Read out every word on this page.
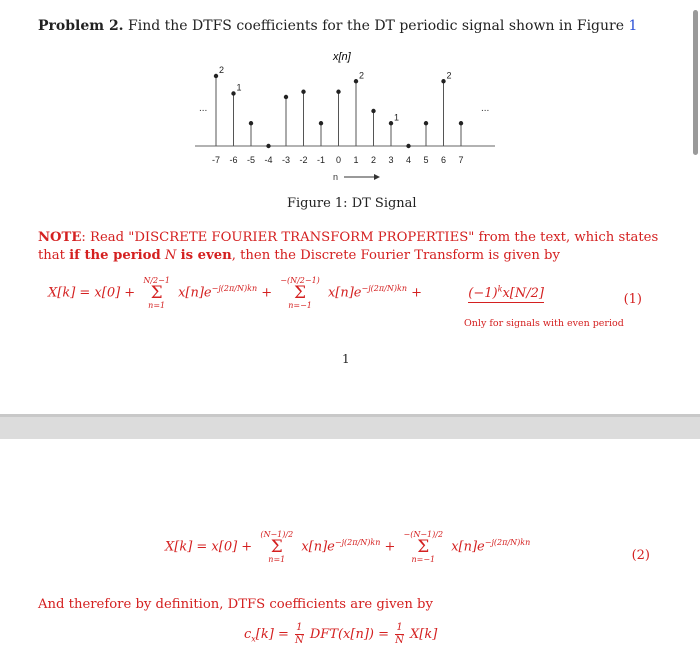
Problem 2. Find the DTFS coefficients for the DT periodic signal shown in Figure 1
x[n]
2
1
2
1
2
-7 -6 -5 -4 -3 -2 -1 0 1 2 3 4 5 6 7
...	...
n
Figure 1: DT Signal
NOTE: Read "DISCRETE FOURIER TRANSFORM PROPERTIES" from the text, which states that if the period N is even, then the Discrete Fourier Transform is given by
X[k] = x[0] +
N/2−1
Σ
n=1
$x[n]e^{-j(2\pi/N)kn}$ +
−(N/2−1)
Σ
n=−1
$x[n]e^{-j(2\pi/N)kn}$ +	$(-1)^kx[N/2]$	(1)
Only for signals with even period
1
X[k] = x[0] +
(N−1)/2
Σ
n=1
$x[n]e^{-j(2\pi/N)kn}$ +
−(N−1)/2
Σ
n=−1
$x[n]e^{-j(2\pi/N)kn}$
(2)
And therefore by definition, DTFS coefficients are given by
$c_x[k] = \frac{1}{N} DFT(x[n]) = \frac{1}{N} X[k]$
